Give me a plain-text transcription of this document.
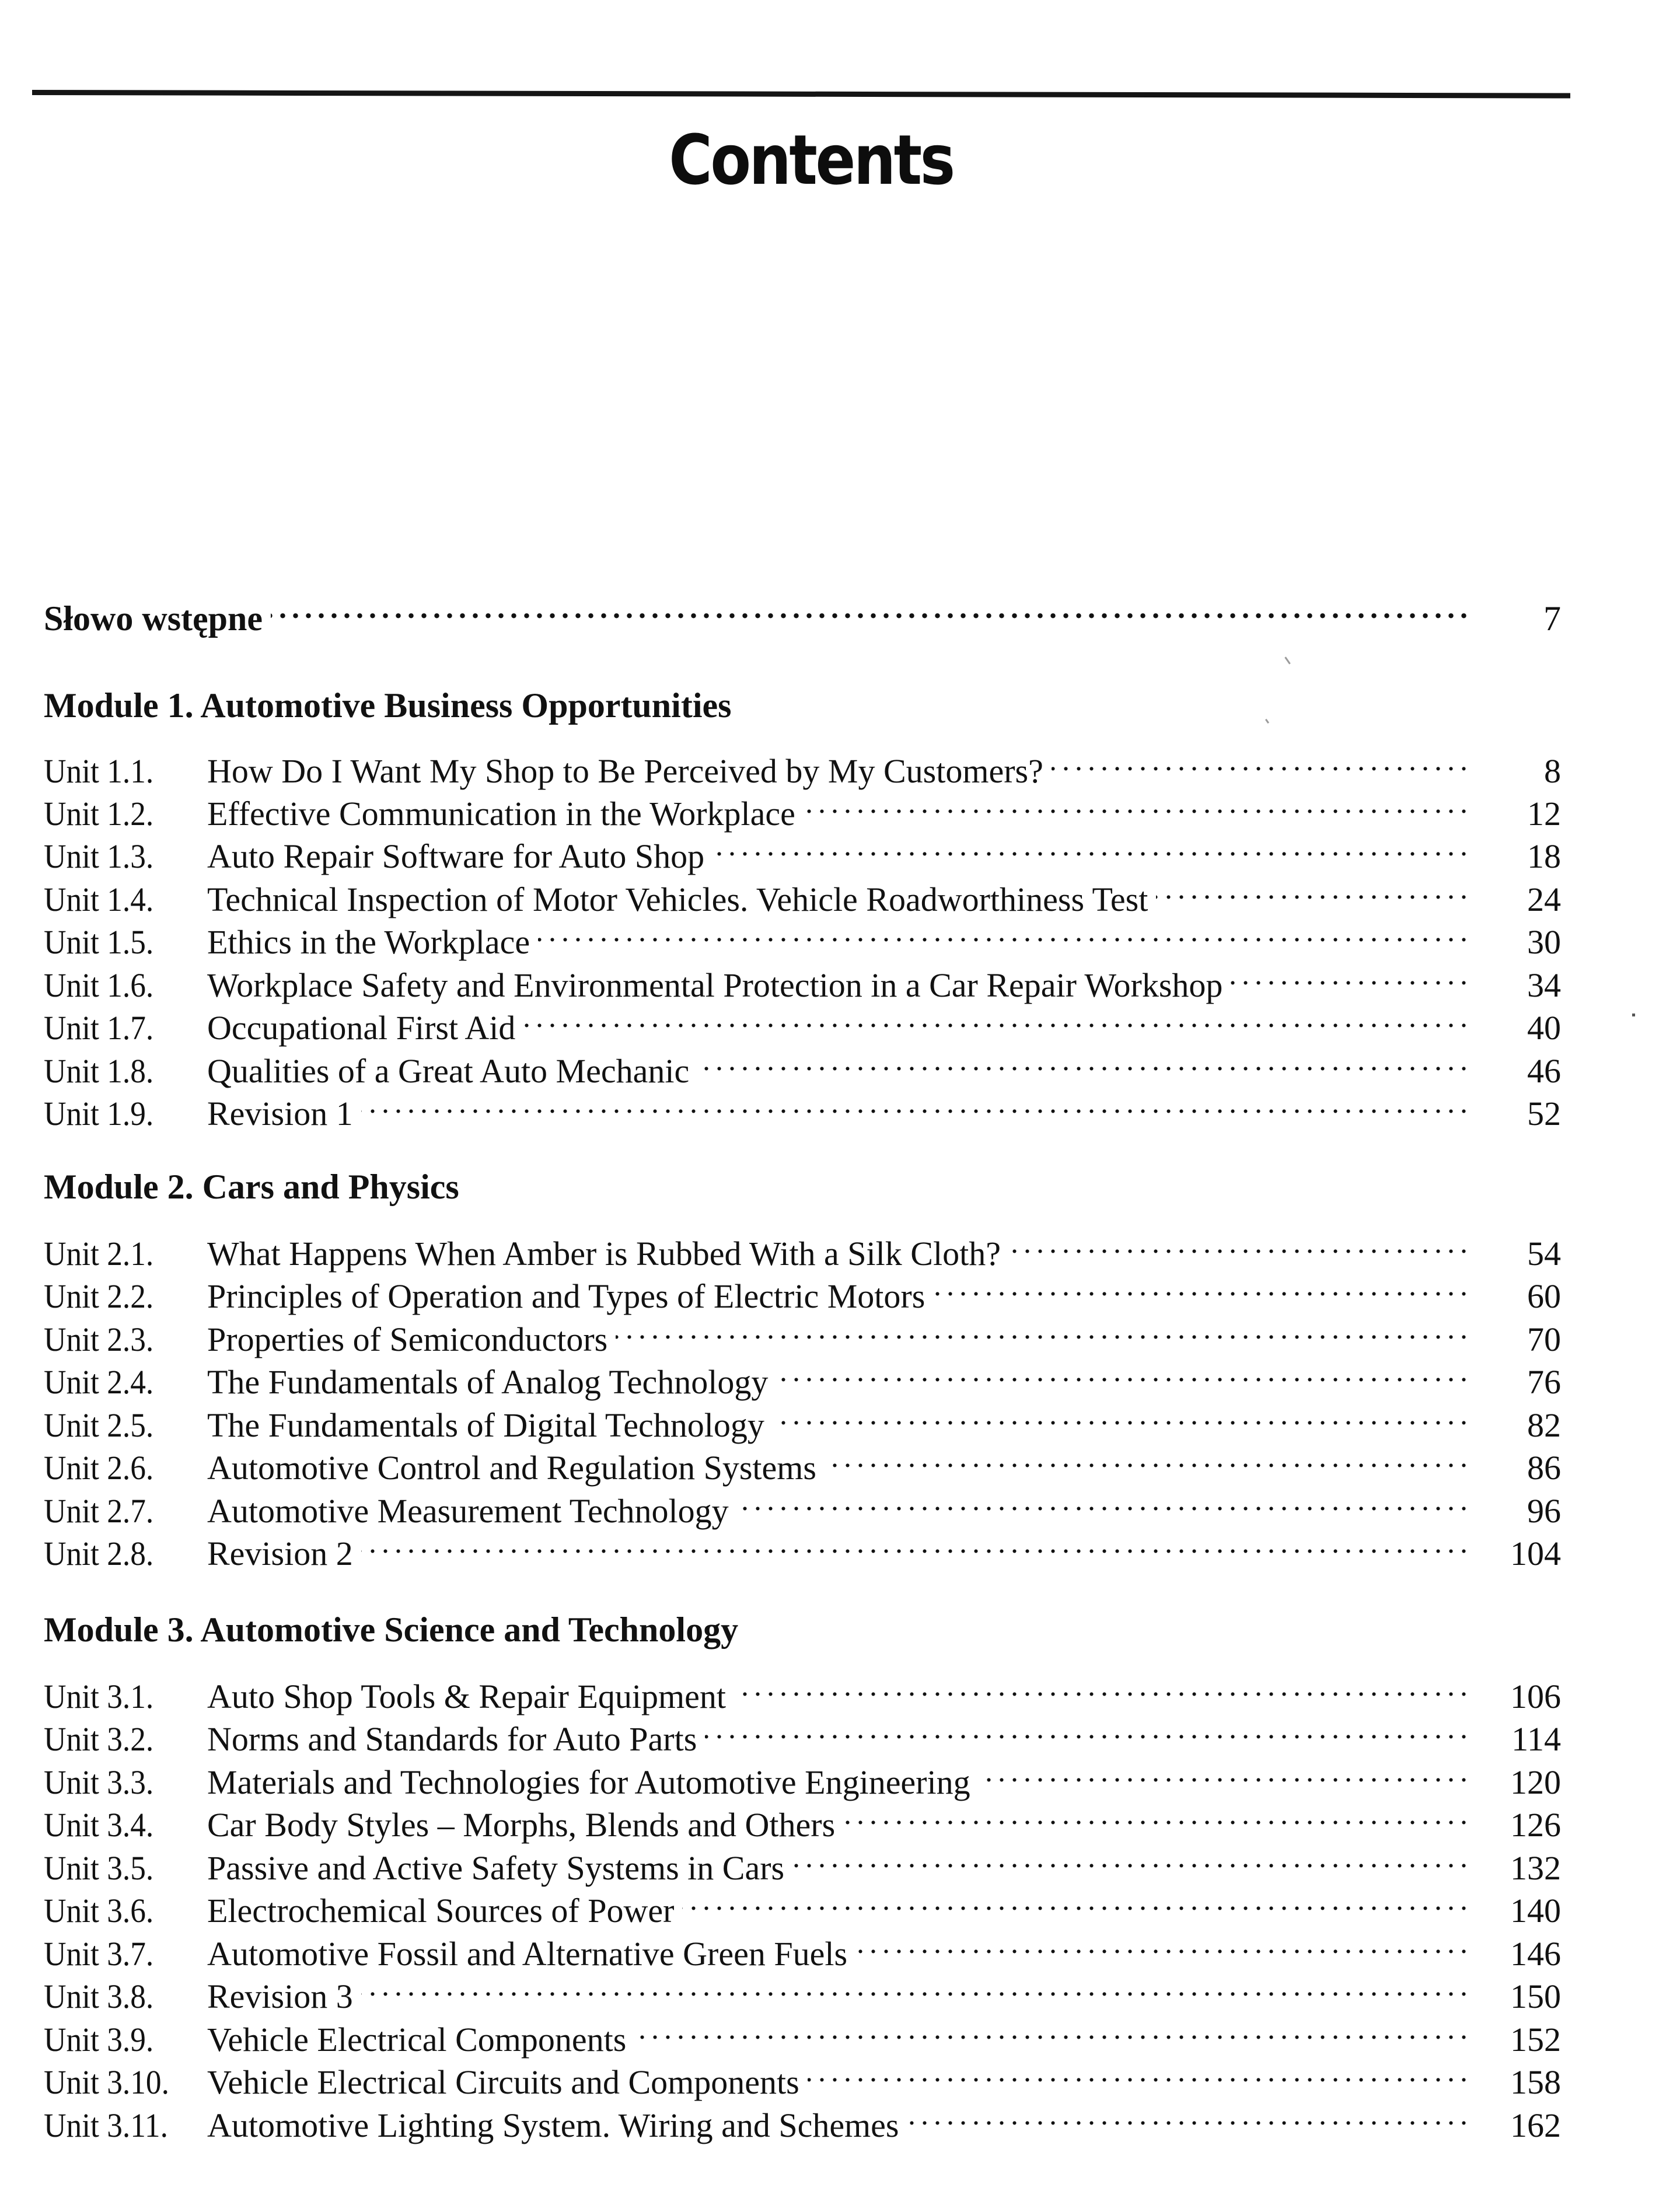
Contents
Słowo wstępne . . .	7
Module 1. Automotive Business Opportunities
Unit 1.1.	How Do I Want My Shop to Be Perceived by My Customers? . . .	8
Unit 1.2.	Effective Communication in the Workplace . . .	12
Unit 1.3.	Auto Repair Software for Auto Shop . . .	18
Unit 1.4.	Technical Inspection of Motor Vehicles. Vehicle Roadworthiness Test . . .	24
Unit 1.5.	Ethics in the Workplace . . .	30
Unit 1.6.	Workplace Safety and Environmental Protection in a Car Repair Workshop . . .	34
Unit 1.7.	Occupational First Aid . . .	40
Unit 1.8.	Qualities of a Great Auto Mechanic . . .	46
Unit 1.9.	Revision 1 . . .	52
Module 2. Cars and Physics
Unit 2.1.	What Happens When Amber is Rubbed With a Silk Cloth? . . .	54
Unit 2.2.	Principles of Operation and Types of Electric Motors . . .	60
Unit 2.3.	Properties of Semiconductors . . .	70
Unit 2.4.	The Fundamentals of Analog Technology . . .	76
Unit 2.5.	The Fundamentals of Digital Technology . . .	82
Unit 2.6.	Automotive Control and Regulation Systems . . .	86
Unit 2.7.	Automotive Measurement Technology . . .	96
Unit 2.8.	Revision 2 . . .	104
Module 3. Automotive Science and Technology
Unit 3.1.	Auto Shop Tools & Repair Equipment . . .	106
Unit 3.2.	Norms and Standards for Auto Parts . . .	114
Unit 3.3.	Materials and Technologies for Automotive Engineering . . .	120
Unit 3.4.	Car Body Styles – Morphs, Blends and Others . . .	126
Unit 3.5.	Passive and Active Safety Systems in Cars . . .	132
Unit 3.6.	Electrochemical Sources of Power . . .	140
Unit 3.7.	Automotive Fossil and Alternative Green Fuels . . .	146
Unit 3.8.	Revision 3 . . .	150
Unit 3.9.	Vehicle Electrical Components . . .	152
Unit 3.10.	Vehicle Electrical Circuits and Components . . .	158
Unit 3.11.	Automotive Lighting System. Wiring and Schemes . . .	162
